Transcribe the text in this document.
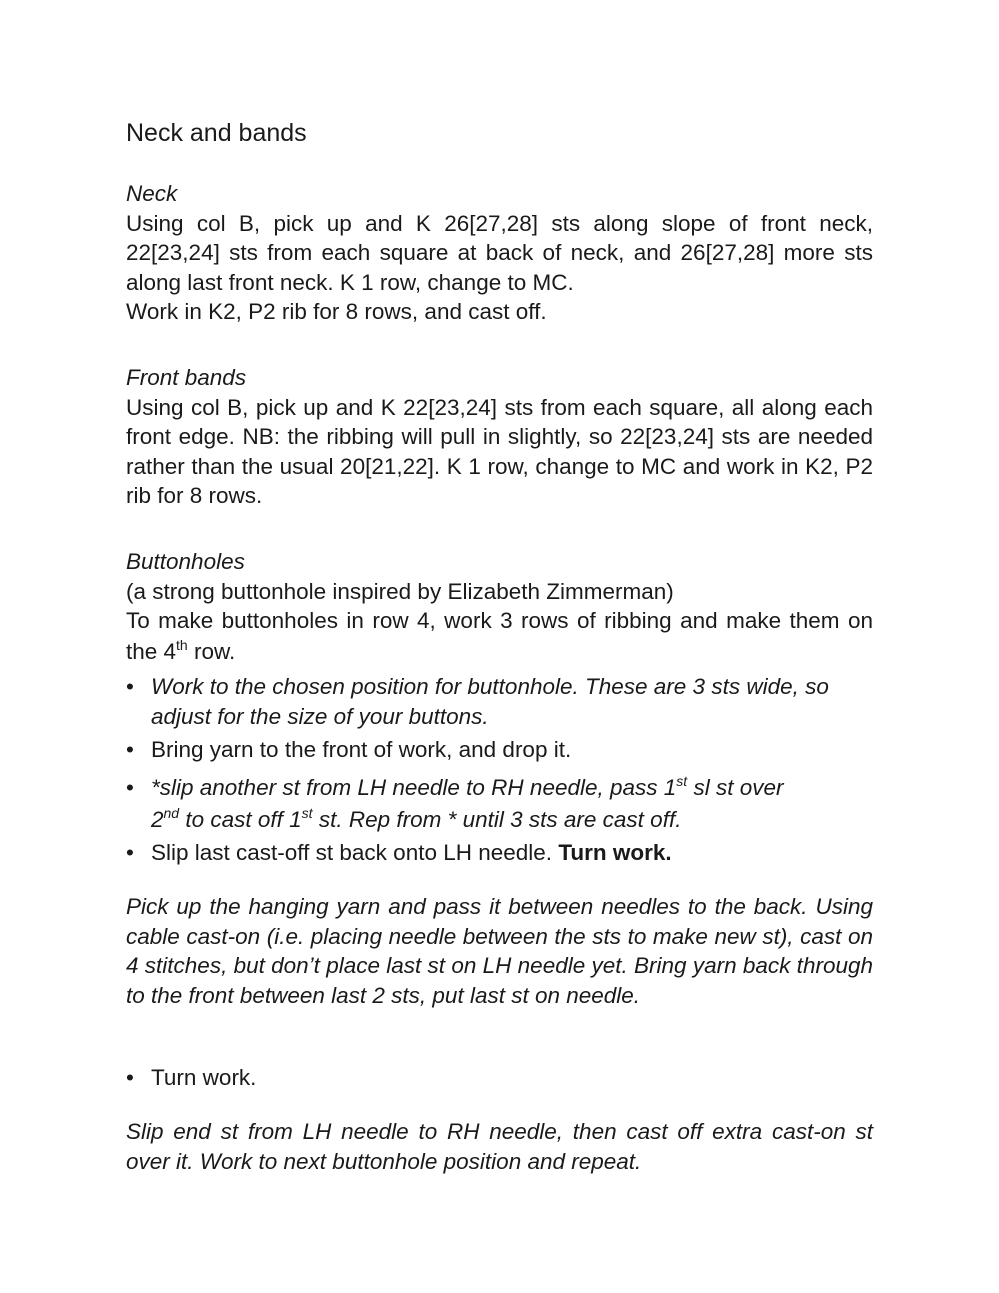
Neck and bands

Neck

Using col B, pick up and K 26[27,28] sts along slope of front neck, 22[23,24] sts from each square at back of neck, and 26[27,28] more sts along last front neck. K 1 row, change to MC.

Work in K2, P2 rib for 8 rows, and cast off.

Front bands

Using col B, pick up and K 22[23,24] sts from each square, all along each front edge. NB: the ribbing will pull in slightly, so 22[23,24] sts are needed rather than the usual 20[21,22]. K 1 row, change to MC and work in K2, P2 rib for 8 rows.

Buttonholes

(a strong buttonhole inspired by Elizabeth Zimmerman)

To make buttonholes in row 4, work 3 rows of ribbing and make them on the 4th row.

• Work to the chosen position for buttonhole. These are 3 sts wide, so adjust for the size of your buttons.
• Bring yarn to the front of work, and drop it.
• *slip another st from LH needle to RH needle, pass 1st sl st over
2nd to cast off 1st st. Rep from * until 3 sts are cast off.
• Slip last cast-off st back onto LH needle. Turn work.

Pick up the hanging yarn and pass it between needles to the back. Using cable cast-on (i.e. placing needle between the sts to make new st), cast on 4 stitches, but don’t place last st on LH needle yet. Bring yarn back through to the front between last 2 sts, put last st on needle.

• Turn work.

Slip end st from LH needle to RH needle, then cast off extra cast-on st over it. Work to next buttonhole position and repeat.
